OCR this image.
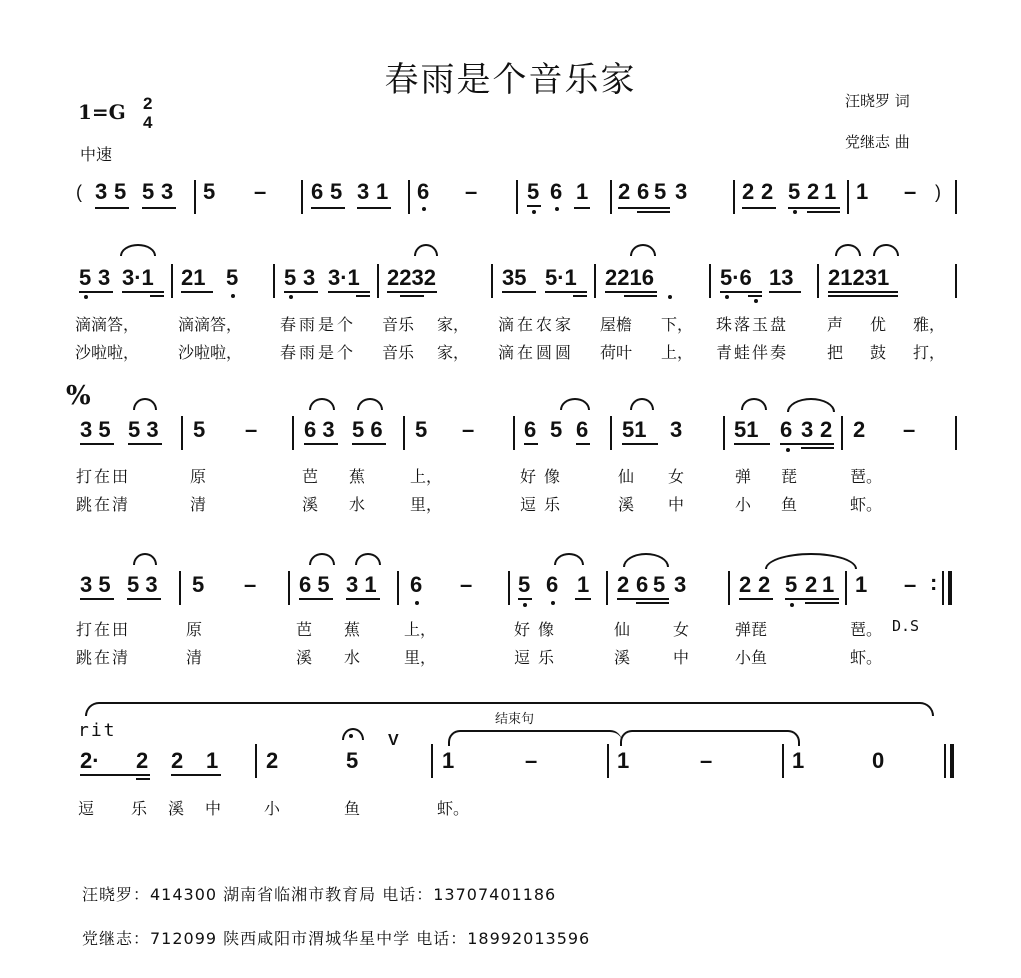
春雨是个音乐家
1=G 2
4
中速
汪晓罗 词
党继志 曲
( 3 5 5 3 5 – 6 5 3 1 6 – 5 6 1 2 6 5 3 2 2 5 2 1 1 – )
5 3 3·1 21 5 5 3 3·1 2232	35 5·1 2216	5·6 13 21231
滴滴答， 滴滴答， 春雨是个 音乐 家， 滴在农家 屋檐 下， 珠落玉盘 声 优 雅，
沙啦啦， 沙啦啦， 春雨是个 音乐 家， 滴在圆圆 荷叶 上， 青蛙伴奏 把 鼓 打，
%
3 5 5 3 5 – 6 3 5 6 5 – 6 5 6 51 3 51 6 3 2 2 –
打在田	原	芭 蕉	上，	好像	仙 女	弹 琵	琶。
跳在清	清	溪 水	里，	逗乐	溪 中	小 鱼	虾。
3 5 5 3 5 – 6 5 3 1 6 – 5 6 1 2 6 5 3 2 2 5 2 1 1 – :
打在田	原	芭 蕉	上，	好像	仙	女	弹琵	琶。 D.S
跳在清	清	溪 水	里，	逗乐	溪	中	小鱼	虾。
结束句
rit	V
2· 2 2 1 2	5	1	–	1	–	1	0
逗 乐 溪 中	小	鱼	虾。
汪晓罗：414300 湖南省临湘市教育局 电话：13707401186
党继志：712099 陕西咸阳市渭城华星中学 电话：18992013596
